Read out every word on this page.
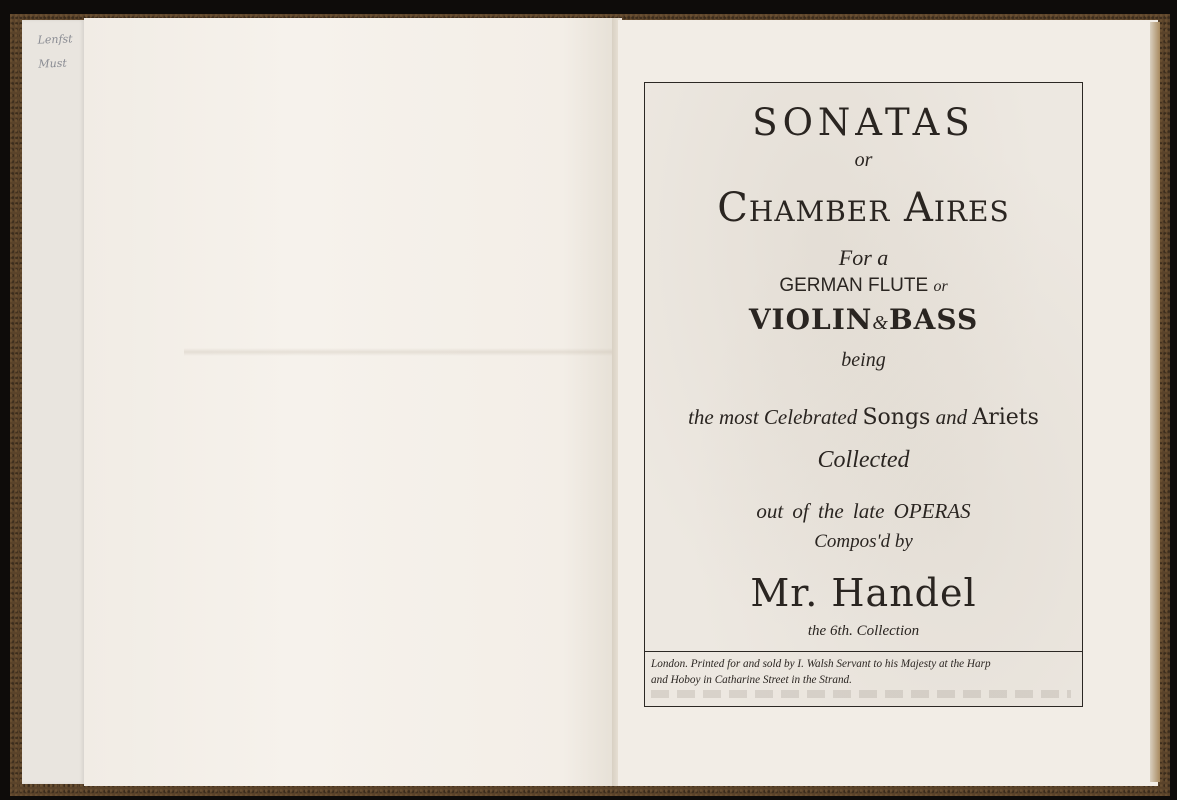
Lenfst
Must
SONATAS
or
Chamber Aires
For a
GERMAN FLUTE or
VIOLIN&BASS
being
the most Celebrated Songs and Ariets
Collected
out of the late OPERAS
Compos'd by
Mr. Handel
the 6th. Collection
London. Printed for and sold by I. Walsh Servant to his Majesty at the Harp
and Hoboy in Catharine Street in the Strand.
